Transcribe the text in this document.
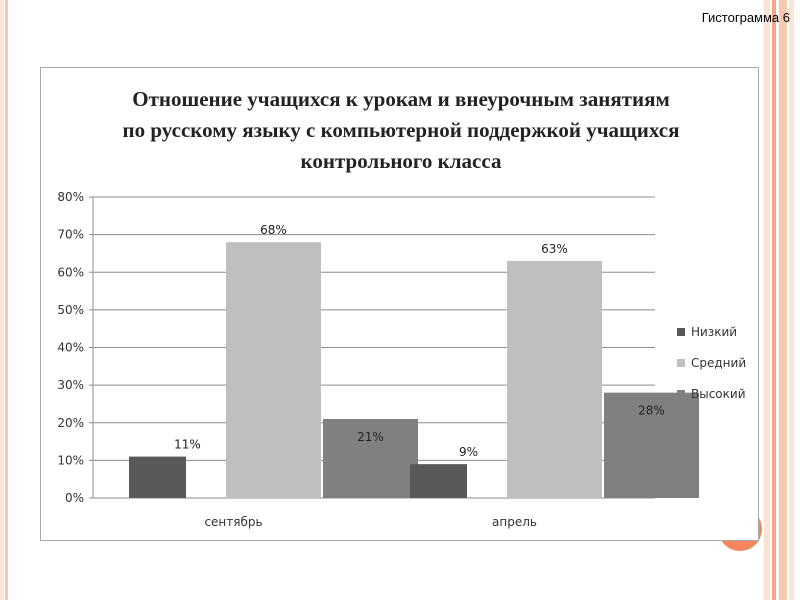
Гистограмма 6
Отношение учащихся к урокам и внеурочным занятиям по русскому языку с компьютерной поддержкой учащихся контрольного класса
0%
10%
20%
30%
40%
50%
60%
70%
80%
11%
68%
21%
сентябрь
9%
63%
28%
апрель
Низкий
Средний
Высокий
